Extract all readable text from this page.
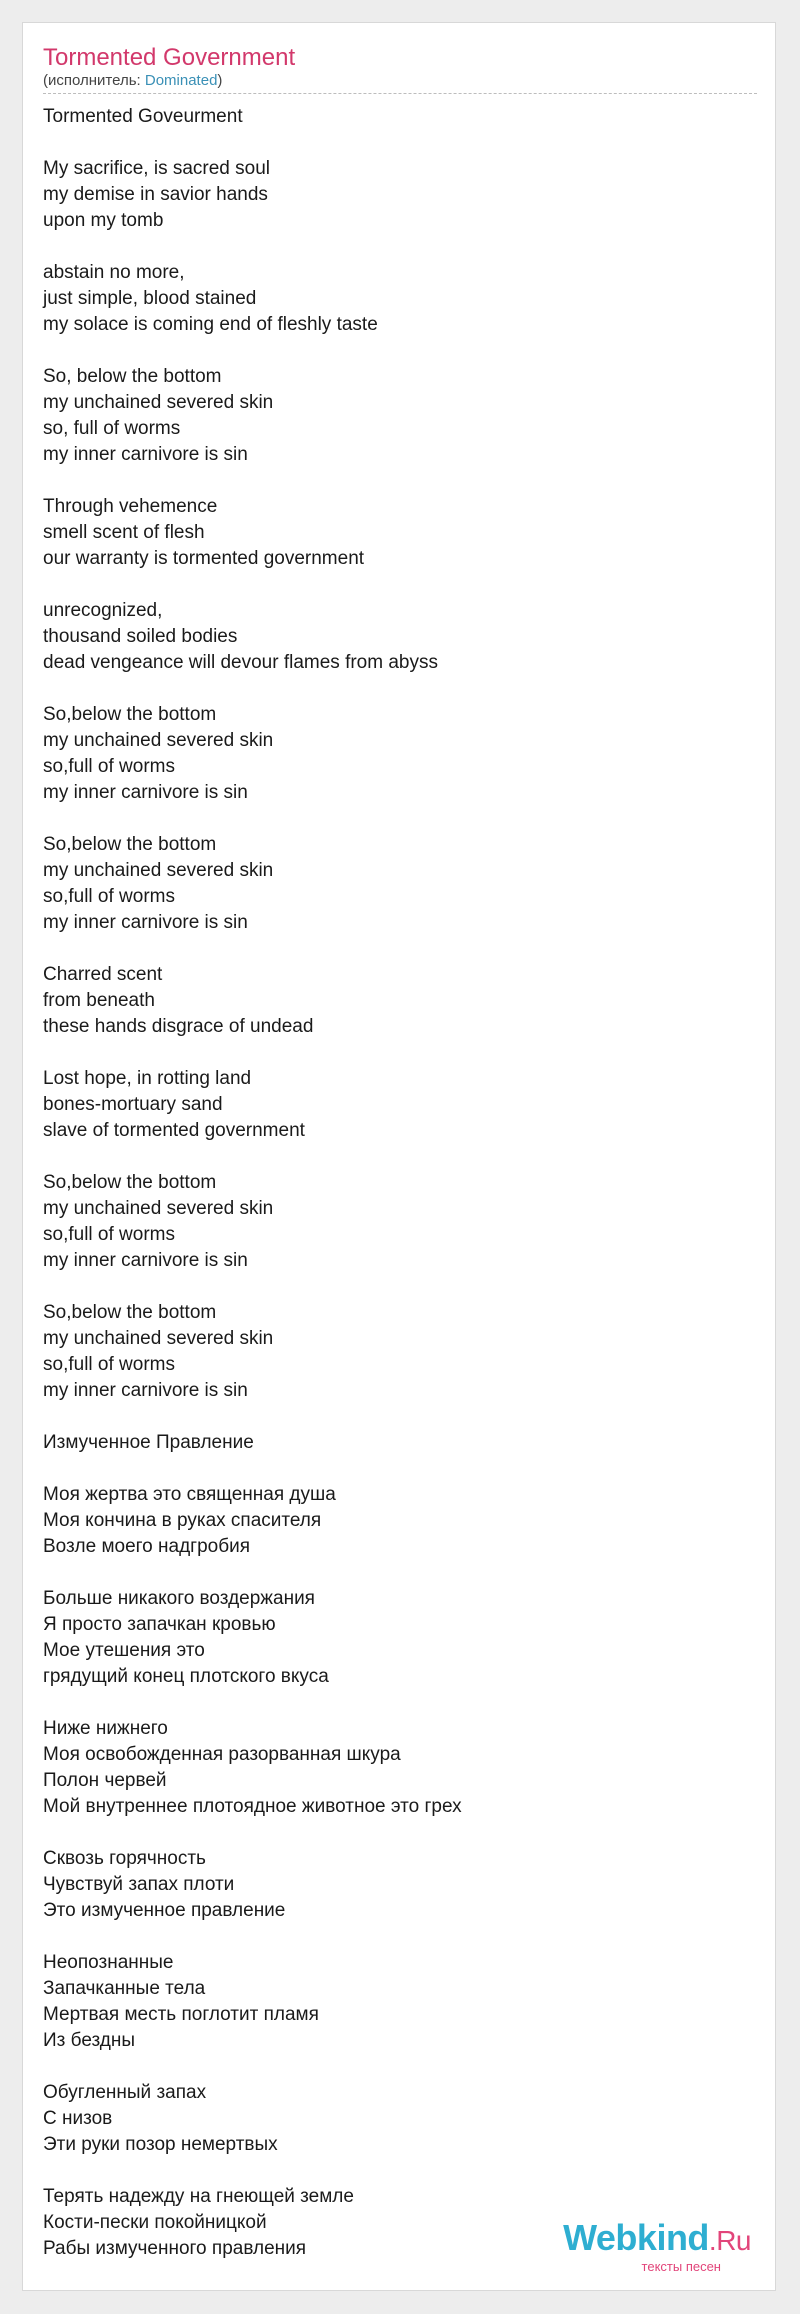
Tormented Government
(исполнитель: Dominated)
Tormented Goveurment
My sacrifice, is sacred soul
my demise in savior hands
upon my tomb
abstain no more,
just simple, blood stained
my solace is coming end of fleshly taste
So, below the bottom
my unchained severed skin
so, full of worms
my inner carnivore is sin
Through vehemence
smell scent of flesh
our warranty is tormented government
unrecognized,
thousand soiled bodies
dead vengeance will devour flames from abyss
So,below the bottom
my unchained severed skin
so,full of worms
my inner carnivore is sin
So,below the bottom
my unchained severed skin
so,full of worms
my inner carnivore is sin
Charred scent
from beneath
these hands disgrace of undead
Lost hope, in rotting land
bones-mortuary sand
slave of tormented government
So,below the bottom
my unchained severed skin
so,full of worms
my inner carnivore is sin
So,below the bottom
my unchained severed skin
so,full of worms
my inner carnivore is sin
Измученное Правление
Моя жертва это священная душа
Моя кончина в руках спасителя
Возле моего надгробия
Больше никакого воздержания
Я просто запачкан кровью
Мое утешения это
грядущий конец плотского вкуса
Ниже нижнего
Моя освобожденная разорванная шкура
Полон червей
Мой внутреннее плотоядное животное это грех
Сквозь горячность
Чувствуй запах плоти
Это измученное правление
Неопознанные
Запачканные тела
Мертвая месть поглотит пламя
Из бездны
Обугленный запах
С низов
Эти руки позор немертвых
Терять надежду на гнеющей земле
Кости-пески покойницкой
Рабы измученного правления	Webkind.Ru
тексты песен
